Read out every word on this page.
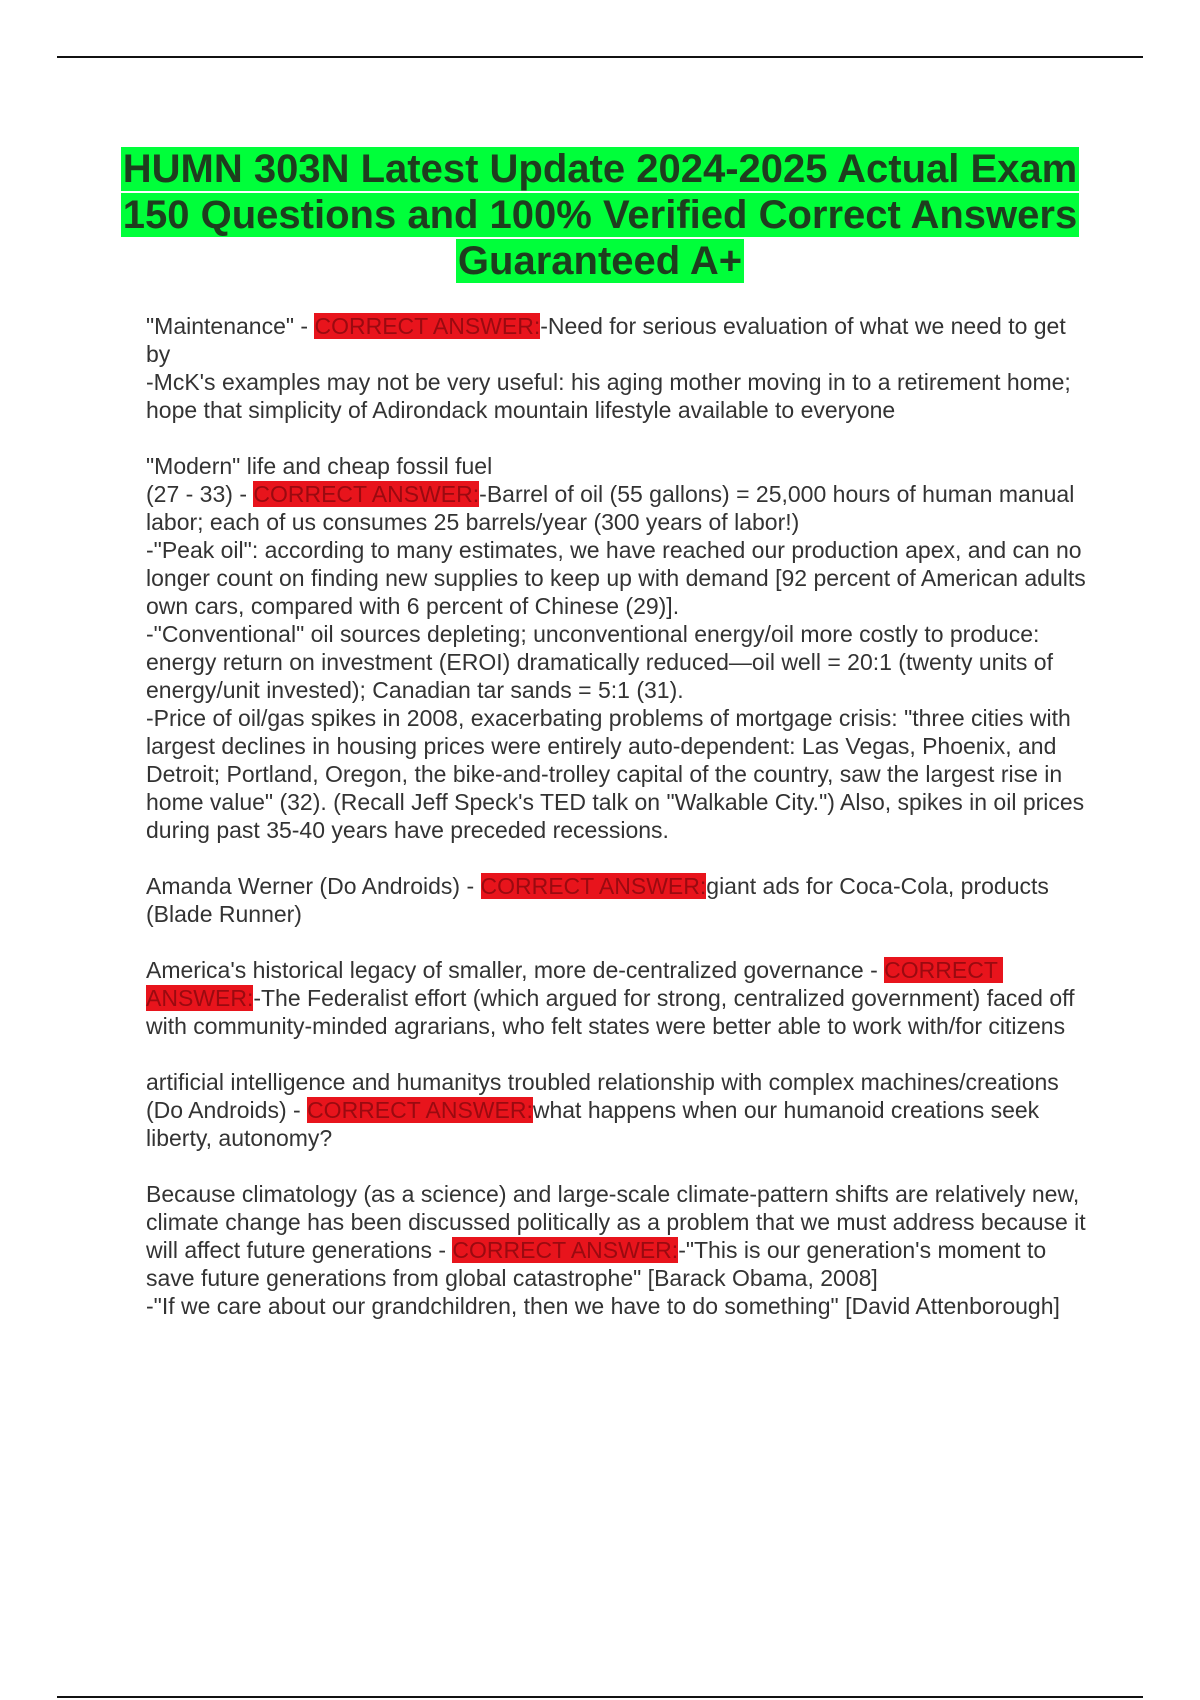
HUMN 303N Latest Update 2024-2025 Actual Exam 150 Questions and 100% Verified Correct Answers Guaranteed A+

"Maintenance" - CORRECT ANSWER:-Need for serious evaluation of what we need to get by
-McK's examples may not be very useful: his aging mother moving in to a retirement home; hope that simplicity of Adirondack mountain lifestyle available to everyone

"Modern" life and cheap fossil fuel
(27 - 33) - CORRECT ANSWER:-Barrel of oil (55 gallons) = 25,000 hours of human manual labor; each of us consumes 25 barrels/year (300 years of labor!)
-"Peak oil": according to many estimates, we have reached our production apex, and can no longer count on finding new supplies to keep up with demand [92 percent of American adults own cars, compared with 6 percent of Chinese (29)].
-"Conventional" oil sources depleting; unconventional energy/oil more costly to produce: energy return on investment (EROI) dramatically reduced—oil well = 20:1 (twenty units of energy/unit invested); Canadian tar sands = 5:1 (31).
-Price of oil/gas spikes in 2008, exacerbating problems of mortgage crisis: "three cities with largest declines in housing prices were entirely auto-dependent: Las Vegas, Phoenix, and Detroit; Portland, Oregon, the bike-and-trolley capital of the country, saw the largest rise in home value" (32). (Recall Jeff Speck's TED talk on "Walkable City.") Also, spikes in oil prices during past 35-40 years have preceded recessions.

Amanda Werner (Do Androids) - CORRECT ANSWER:giant ads for Coca-Cola, products (Blade Runner)

America's historical legacy of smaller, more de-centralized governance - CORRECT ANSWER:-The Federalist effort (which argued for strong, centralized government) faced off with community-minded agrarians, who felt states were better able to work with/for citizens

artificial intelligence and humanitys troubled relationship with complex machines/creations (Do Androids) - CORRECT ANSWER:what happens when our humanoid creations seek liberty, autonomy?

Because climatology (as a science) and large-scale climate-pattern shifts are relatively new, climate change has been discussed politically as a problem that we must address because it will affect future generations - CORRECT ANSWER:-"This is our generation's moment to save future generations from global catastrophe" [Barack Obama, 2008]
-"If we care about our grandchildren, then we have to do something" [David Attenborough]
